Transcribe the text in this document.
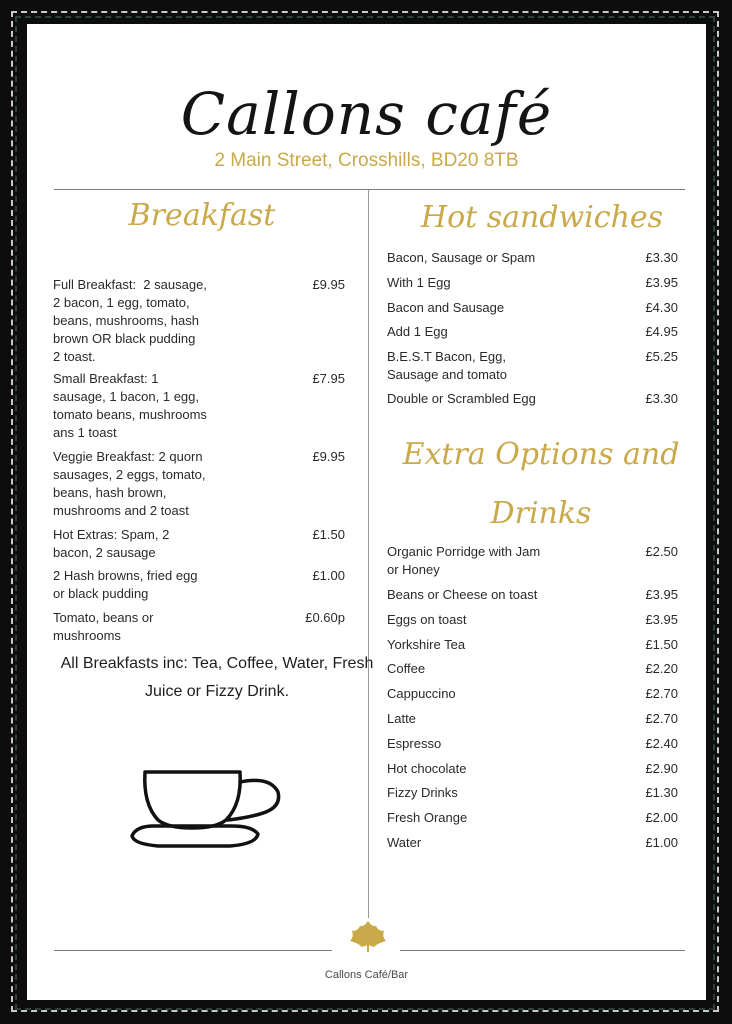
Callons café
2 Main Street, Crosshills, BD20 8TB
Breakfast
Full Breakfast:  2 sausage,
2 bacon, 1 egg, tomato,
beans, mushrooms, hash
brown OR black pudding
2 toast.
£9.95
Small Breakfast: 1
sausage, 1 bacon, 1 egg,
tomato beans, mushrooms
ans 1 toast
£7.95
Veggie Breakfast: 2 quorn
sausages, 2 eggs, tomato,
beans, hash brown,
mushrooms and 2 toast
£9.95
Hot Extras: Spam, 2
bacon, 2 sausage
£1.50
2 Hash browns, fried egg
or black pudding
£1.00
Tomato, beans or
mushrooms
£0.60p
All Breakfasts inc: Tea, Coffee, Water, Fresh Juice or Fizzy Drink.
Hot sandwiches
Bacon, Sausage or Spam	£3.30
With 1 Egg	£3.95
Bacon and Sausage	£4.30
Add 1 Egg	£4.95
B.E.S.T Bacon, Egg,
Sausage and tomato
£5.25
Double or Scrambled Egg	£3.30
Extra Options and
Drinks
Organic Porridge with Jam
or Honey
£2.50
Beans or Cheese on toast	£3.95
Eggs on toast	£3.95
Yorkshire Tea	£1.50
Coffee	£2.20
Cappuccino	£2.70
Latte	£2.70
Espresso	£2.40
Hot chocolate	£2.90
Fizzy Drinks	£1.30
Fresh Orange	£2.00
Water	£1.00
Callons Café/Bar
